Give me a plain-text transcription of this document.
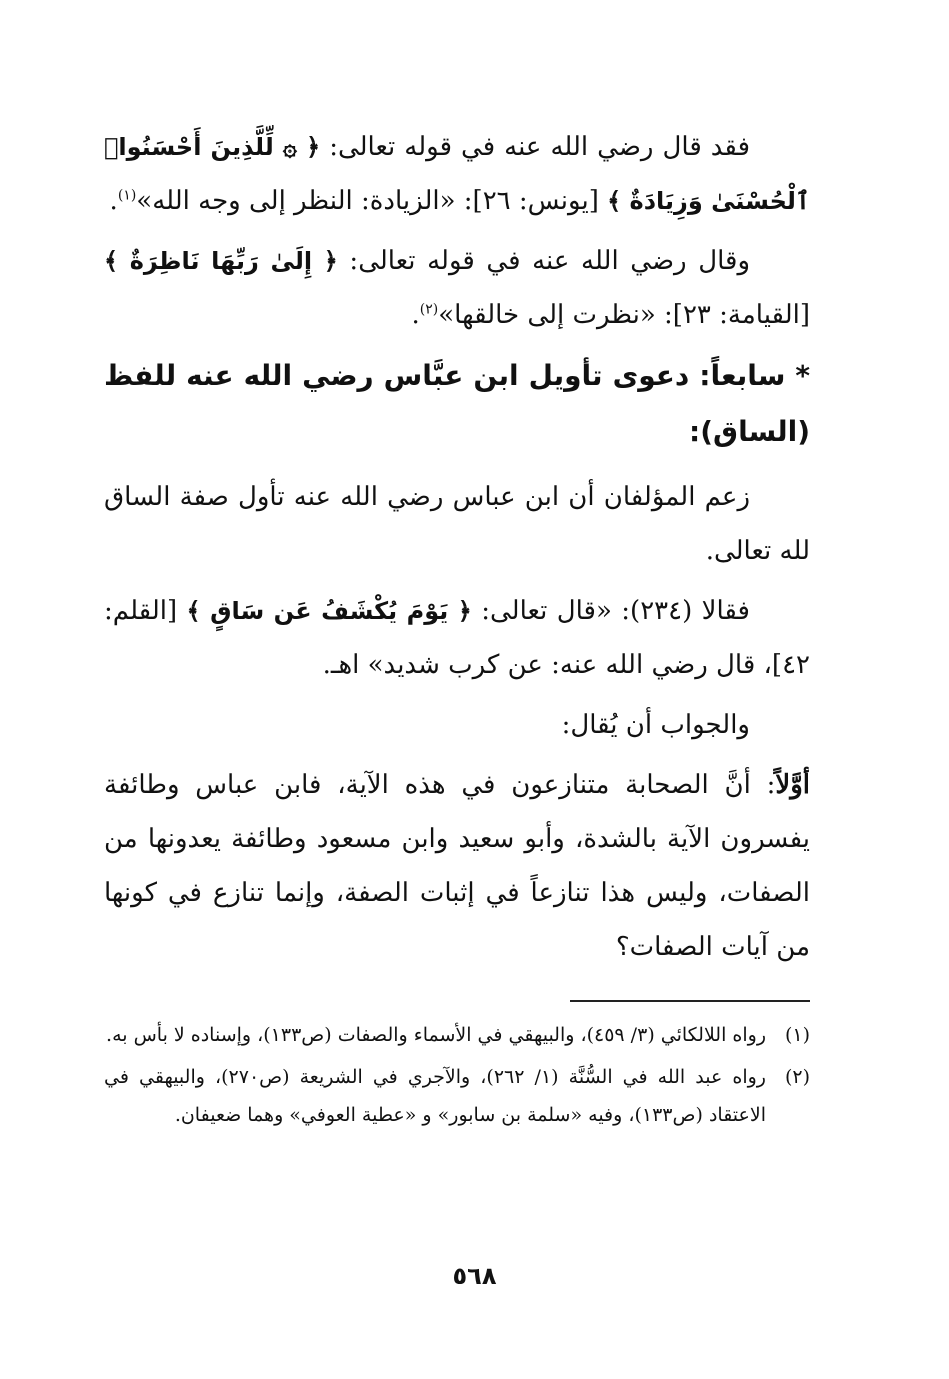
فقد قال رضي الله عنه في قوله تعالى: ﴿ ۞ لِّلَّذِينَ أَحْسَنُوا۟ ٱلْحُسْنَىٰ وَزِيَادَةٌ ﴾ [يونس: ٢٦]: «الزيادة: النظر إلى وجه الله»$^{(١)}$.

وقال رضي الله عنه في قوله تعالى: ﴿ إِلَىٰ رَبِّهَا نَاظِرَةٌ ﴾ [القيامة: ٢٣]: «نظرت إلى خالقها»$^{(٢)}$.

* سابعاً: دعوى تأويل ابن عبَّاس رضي الله عنه للفظ (الساق):

زعم المؤلفان أن ابن عباس رضي الله عنه تأول صفة الساق لله تعالى.

فقالا (٢٣٤): «قال تعالى: ﴿ يَوْمَ يُكْشَفُ عَن سَاقٍ ﴾ [القلم: ٤٢]، قال رضي الله عنه: عن كرب شديد» اهـ.

والجواب أن يُقال:

أوَّلاً: أنَّ الصحابة متنازعون في هذه الآية، فابن عباس وطائفة يفسرون الآية بالشدة، وأبو سعيد وابن مسعود وطائفة يعدونها من الصفات، وليس هذا تنازعاً في إثبات الصفة، وإنما تنازع في كونها من آيات الصفات؟

(١)
رواه اللالكائي (٣/ ٤٥٩)، والبيهقي في الأسماء والصفات (ص١٣٣)، وإسناده لا بأس به.

(٢)
رواه عبد الله في السُّنَّة (١/ ٢٦٢)، والآجري في الشريعة (ص٢٧٠)، والبيهقي في الاعتقاد (ص١٣٣)، وفيه «سلمة بن سابور» و «عطية العوفي» وهما ضعيفان.

٥٦٨
